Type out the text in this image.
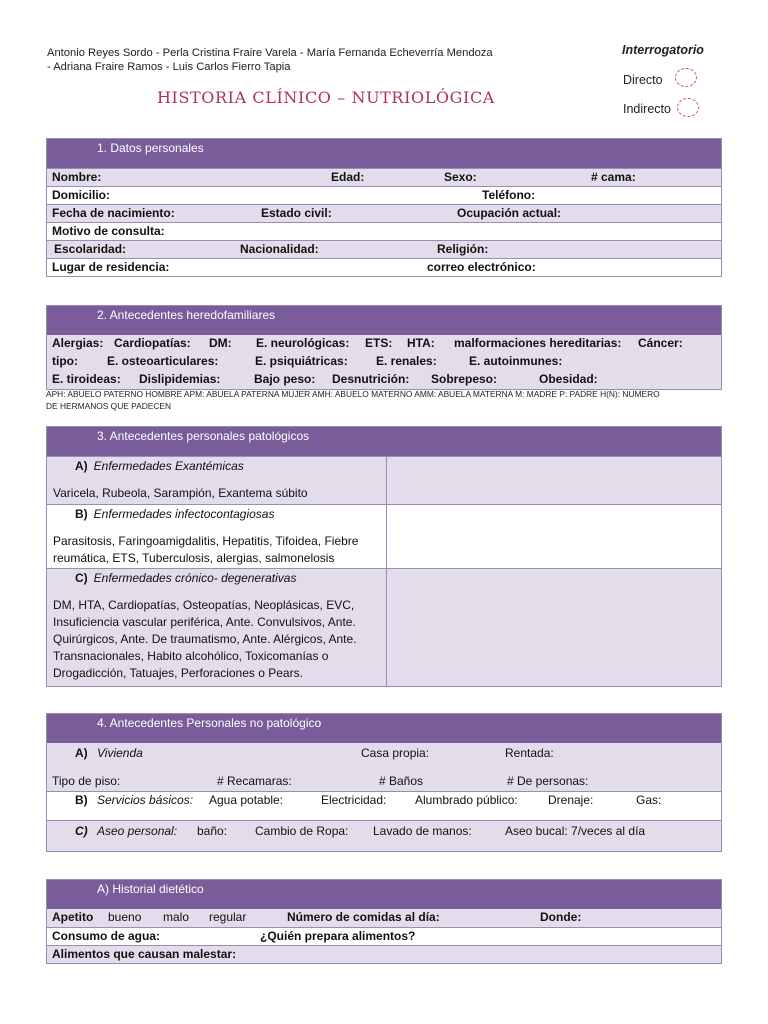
Antonio Reyes Sordo - Perla Cristina Fraire Varela - María Fernanda Echeverría Mendoza
- Adriana Fraire Ramos - Luis Carlos Fierro Tapia
HISTORIA CLÍNICO – NUTRIOLÓGICA
Interrogatorio
Directo
Indirecto
1. Datos personales
Nombre:	Edad:	Sexo:	# cama:
Domicilio:	Teléfono:
Fecha de nacimiento:	Estado civil:	Ocupación actual:
Motivo de consulta:
Escolaridad:	Nacionalidad:	Religión:
Lugar de residencia:	correo electrónico:
2. Antecedentes heredofamiliares
Alergias: Cardiopatías: DM: E. neurológicas: ETS: HTA: malformaciones hereditarias: Cáncer:
tipo: E. osteoarticulares:	E. psiquiátricas: E. renales:	E. autoinmunes:
E. tiroideas: Dislipidemias:	Bajo peso: Desnutrición: Sobrepeso:	Obesidad:
APH: ABUELO PATERNO HOMBRE APM: ABUELA PATERNA MUJER AMH: ABUELO MATERNO AMM: ABUELA MATERNA M: MADRE P: PADRE H(N): NUMERO
DE HERMANOS QUE PADECEN
3. Antecedentes personales patológicos
A) Enfermedades Exantémicas
Varicela, Rubeola, Sarampión, Exantema súbito
B) Enfermedades infectocontagiosas
Parasitosis, Faringoamigdalitis, Hepatitis, Tifoidea, Fiebre reumática, ETS, Tuberculosis, alergias, salmonelosis
C) Enfermedades crónico- degenerativas
DM, HTA, Cardiopatías, Osteopatías, Neoplásicas, EVC, Insuficiencia vascular periférica, Ante. Convulsivos, Ante. Quirúrgicos, Ante. De traumatismo, Ante. Alérgicos, Ante. Transnacionales, Habito alcohólico, Toxicomanías o Drogadicción, Tatuajes, Perforaciones o Pears.
4. Antecedentes Personales no patológico
A) Vivienda	Casa propia:	Rentada:
Tipo de piso:	# Recamaras:	# Baños	# De personas:
B) Servicios básicos: Agua potable:	Electricidad: Alumbrado público:	Drenaje:	Gas:
C) Aseo personal: baño: Cambio de Ropa: Lavado de manos:	Aseo bucal: 7/veces al día
A) Historial dietético
Apetito bueno malo regular	Número de comidas al día:	Donde:
Consumo de agua:	¿Quién prepara alimentos?
Alimentos que causan malestar:
